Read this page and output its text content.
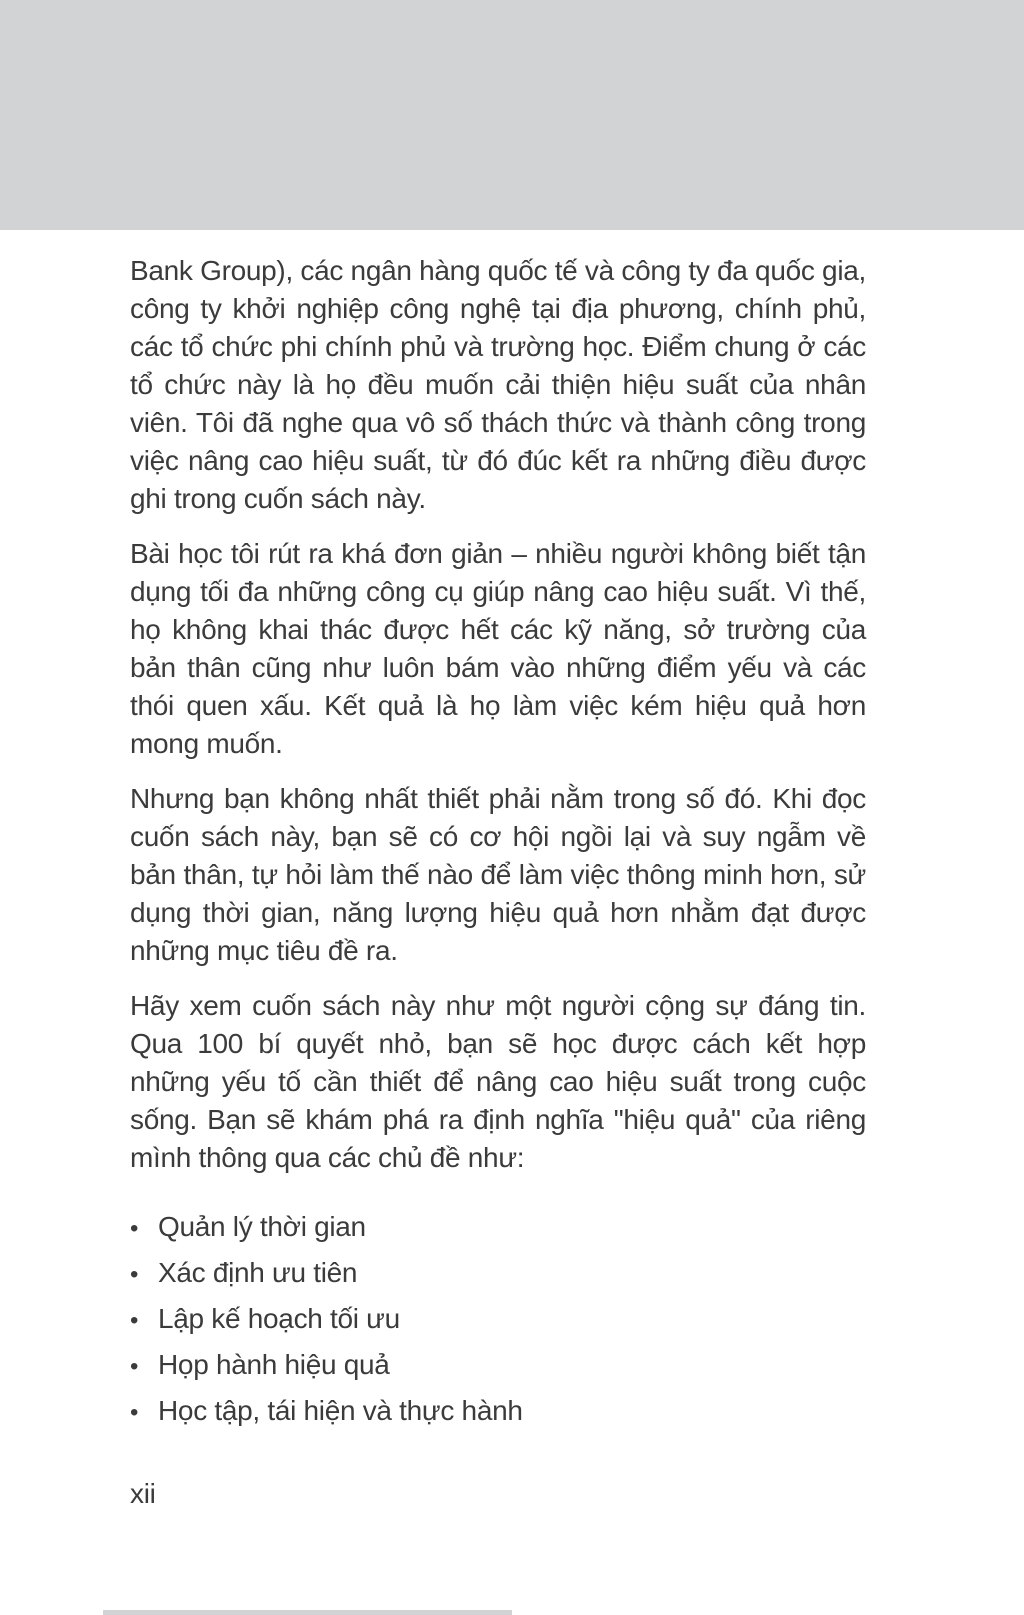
Bank Group), các ngân hàng quốc tế và công ty đa quốc gia, công ty khởi nghiệp công nghệ tại địa phương, chính phủ, các tổ chức phi chính phủ và trường học. Điểm chung ở các tổ chức này là họ đều muốn cải thiện hiệu suất của nhân viên. Tôi đã nghe qua vô số thách thức và thành công trong việc nâng cao hiệu suất, từ đó đúc kết ra những điều được ghi trong cuốn sách này.

Bài học tôi rút ra khá đơn giản – nhiều người không biết tận dụng tối đa những công cụ giúp nâng cao hiệu suất. Vì thế, họ không khai thác được hết các kỹ năng, sở trường của bản thân cũng như luôn bám vào những điểm yếu và các thói quen xấu. Kết quả là họ làm việc kém hiệu quả hơn mong muốn.

Nhưng bạn không nhất thiết phải nằm trong số đó. Khi đọc cuốn sách này, bạn sẽ có cơ hội ngồi lại và suy ngẫm về bản thân, tự hỏi làm thế nào để làm việc thông minh hơn, sử dụng thời gian, năng lượng hiệu quả hơn nhằm đạt được những mục tiêu đề ra.

Hãy xem cuốn sách này như một người cộng sự đáng tin. Qua 100 bí quyết nhỏ, bạn sẽ học được cách kết hợp những yếu tố cần thiết để nâng cao hiệu suất trong cuộc sống. Bạn sẽ khám phá ra định nghĩa "hiệu quả" của riêng mình thông qua các chủ đề như:

• Quản lý thời gian
• Xác định ưu tiên
• Lập kế hoạch tối ưu
• Họp hành hiệu quả
• Học tập, tái hiện và thực hành
xii
